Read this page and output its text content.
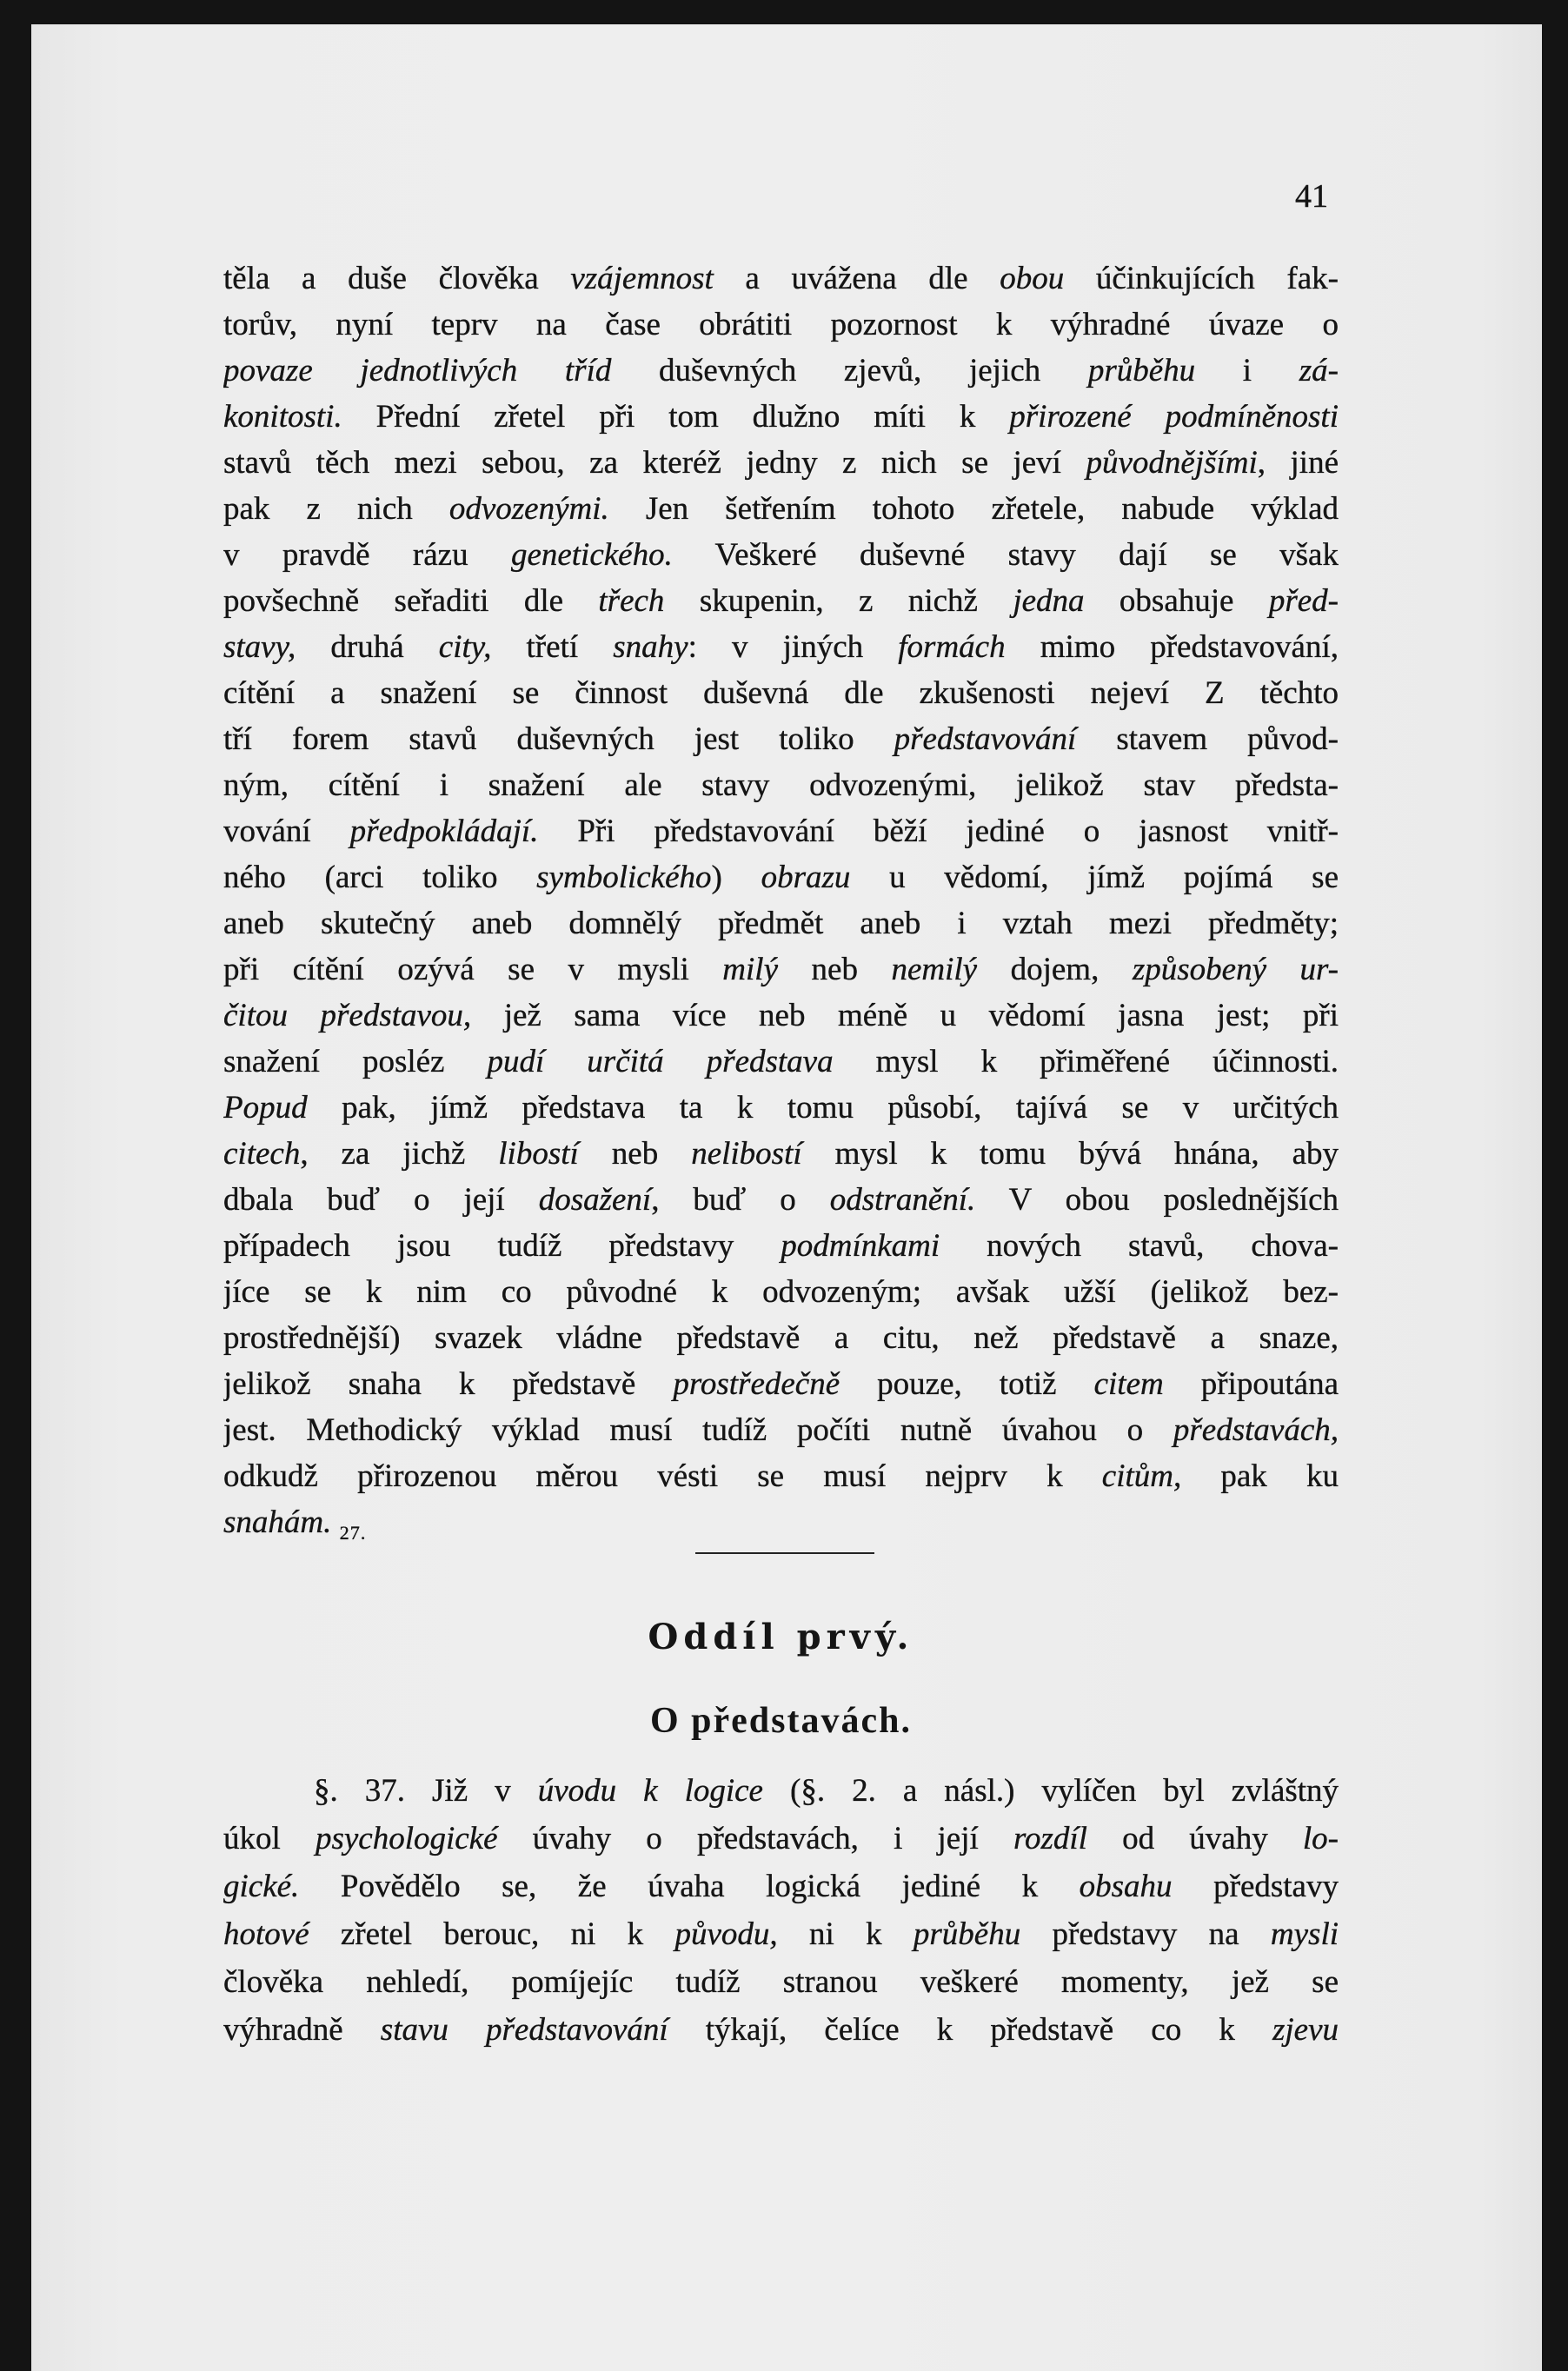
41
těla a duše člověka vzájemnost a uvážena dle obou účinkujících fak-
torův, nyní teprv na čase obrátiti pozornost k výhradné úvaze o
povaze jednotlivých tříd duševných zjevů, jejich průběhu i zá-
konitosti. Přední zřetel při tom dlužno míti k přirozené podmíněnosti
stavů těch mezi sebou, za kteréž jedny z nich se jeví původnějšími, jiné
pak z nich odvozenými. Jen šetřením tohoto zřetele, nabude výklad
v pravdě rázu genetického. Veškeré duševné stavy dají se však
povšechně seřaditi dle třech skupenin, z nichž jedna obsahuje před-
stavy, druhá city, třetí snahy: v jiných formách mimo představování,
cítění a snažení se činnost duševná dle zkušenosti nejeví Z těchto
tří forem stavů duševných jest toliko představování stavem původ-
ným, cítění i snažení ale stavy odvozenými, jelikož stav předsta-
vování předpokládají. Při představování běží jediné o jasnost vnitř-
ného (arci toliko symbolického) obrazu u vědomí, jímž pojímá se
aneb skutečný aneb domnělý předmět aneb i vztah mezi předměty;
při cítění ozývá se v mysli milý neb nemilý dojem, způsobený ur-
čitou představou, jež sama více neb méně u vědomí jasna jest; při
snažení posléz pudí určitá představa mysl k přiměřené účinnosti.
Popud pak, jímž představa ta k tomu působí, tajívá se v určitých
citech, za jichž libostí neb nelibostí mysl k tomu bývá hnána, aby
dbala buď o její dosažení, buď o odstranění. V obou poslednějších
případech jsou tudíž představy podmínkami nových stavů, chova-
jíce se k nim co původné k odvozeným; avšak užší (jelikož bez-
prostřednější) svazek vládne představě a citu, než představě a snaze,
jelikož snaha k představě prostředečně pouze, totiž citem připoutána
jest. Methodický výklad musí tudíž počíti nutně úvahou o představách,
odkudž přirozenou měrou vésti se musí nejprv k citům, pak ku
snahám. $_{27.}$
Oddíl prvý.
O představách.
§. 37. Již v úvodu k logice (§. 2. a násl.) vylíčen byl zvláštný
úkol psychologické úvahy o představách, i její rozdíl od úvahy lo-
gické. Povědělo se, že úvaha logická jediné k obsahu představy
hotové zřetel berouc, ni k původu, ni k průběhu představy na mysli
člověka nehledí, pomíjejíc tudíž stranou veškeré momenty, jež se
výhradně stavu představování týkají, čelíce k představě co k zjevu
